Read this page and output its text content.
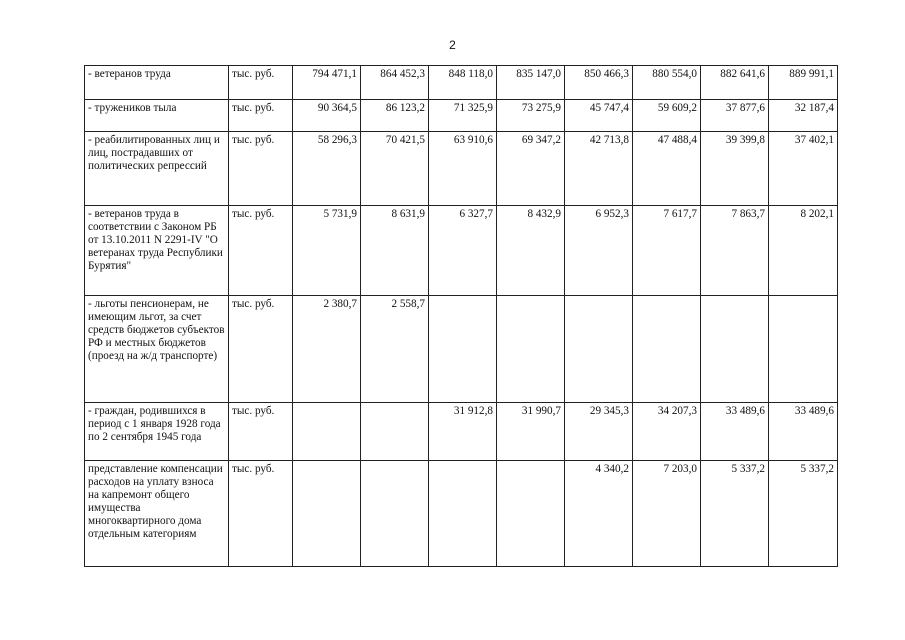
2
- ветеранов труда	тыс. руб.	794 471,1	864 452,3	848 118,0	835 147,0	850 466,3	880 554,0	882 641,6	889 991,1

- тружеников тыла	тыс. руб.	90 364,5	86 123,2	71 325,9	73 275,9	45 747,4	59 609,2	37 877,6	32 187,4

- реабилитированных лиц и лиц, пострадавших от политических репрессий	тыс. руб.	58 296,3	70 421,5	63 910,6	69 347,2	42 713,8	47 488,4	39 399,8	37 402,1

- ветеранов труда в соответствии с Законом РБ от 13.10.2011 N 2291-IV "О ветеранах труда Республики Бурятия"	тыс. руб.	5 731,9	8 631,9	6 327,7	8 432,9	6 952,3	7 617,7	7 863,7	8 202,1

- льготы пенсионерам, не имеющим льгот, за счет средств бюджетов субъектов РФ и местных бюджетов (проезд на ж/д транспорте)	тыс. руб.	2 380,7	2 558,7						

- граждан, родившихся в период с 1 января 1928 года по 2 сентября 1945 года	тыс. руб.			31 912,8	31 990,7	29 345,3	34 207,3	33 489,6	33 489,6

представление компенсации расходов на уплату взноса на капремонт общего имущества многоквартирного дома отдельным категориям	тыс. руб.					4 340,2	7 203,0	5 337,2	5 337,2
